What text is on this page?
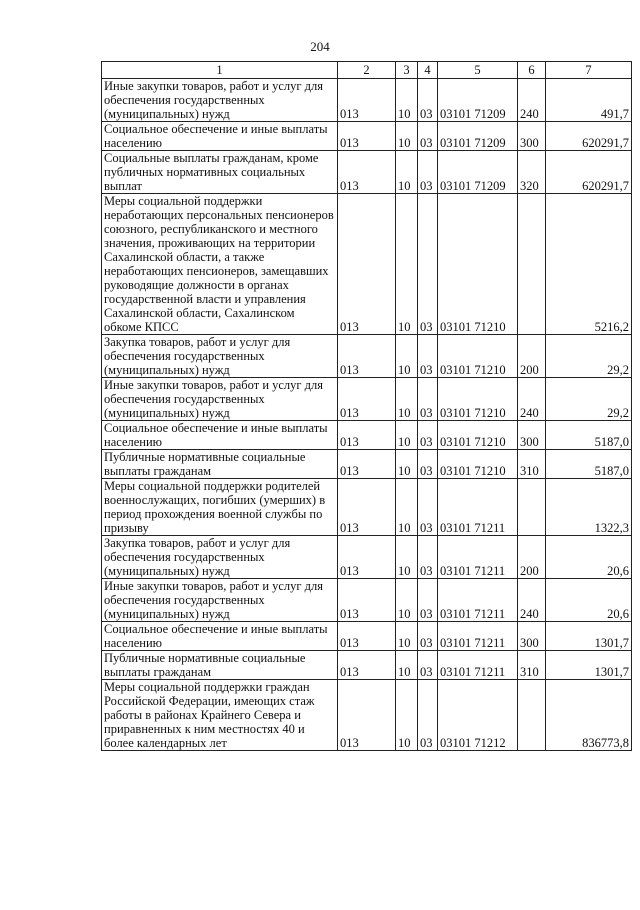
204
1	2	3	4	5	6	7
Иные закупки товаров, работ и услуг для обеспечения государственных (муниципальных) нужд	013	10	03	03101 71209	240	491,7
Социальное обеспечение и иные выплаты населению	013	10	03	03101 71209	300	620291,7
Социальные выплаты гражданам, кроме публичных нормативных социальных выплат	013	10	03	03101 71209	320	620291,7
Меры социальной поддержки неработающих персональных пенсионеров союзного, республиканского и местного значения, проживающих на территории Сахалинской области, а также неработающих пенсионеров, замещавших руководящие должности в органах государственной власти и управления Сахалинской области, Сахалинском обкоме КПСС	013	10	03	03101 71210		5216,2
Закупка товаров, работ и услуг для обеспечения государственных (муниципальных) нужд	013	10	03	03101 71210	200	29,2
Иные закупки товаров, работ и услуг для обеспечения государственных (муниципальных) нужд	013	10	03	03101 71210	240	29,2
Социальное обеспечение и иные выплаты населению	013	10	03	03101 71210	300	5187,0
Публичные нормативные социальные выплаты гражданам	013	10	03	03101 71210	310	5187,0
Меры социальной поддержки родителей военнослужащих, погибших (умерших) в период прохождения военной службы по призыву	013	10	03	03101 71211		1322,3
Закупка товаров, работ и услуг для обеспечения государственных (муниципальных) нужд	013	10	03	03101 71211	200	20,6
Иные закупки товаров, работ и услуг для обеспечения государственных (муниципальных) нужд	013	10	03	03101 71211	240	20,6
Социальное обеспечение и иные выплаты населению	013	10	03	03101 71211	300	1301,7
Публичные нормативные социальные выплаты гражданам	013	10	03	03101 71211	310	1301,7
Меры социальной поддержки граждан Российской Федерации, имеющих стаж работы в районах Крайнего Севера и приравненных к ним местностях 40 и более календарных лет	013	10	03	03101 71212		836773,8
